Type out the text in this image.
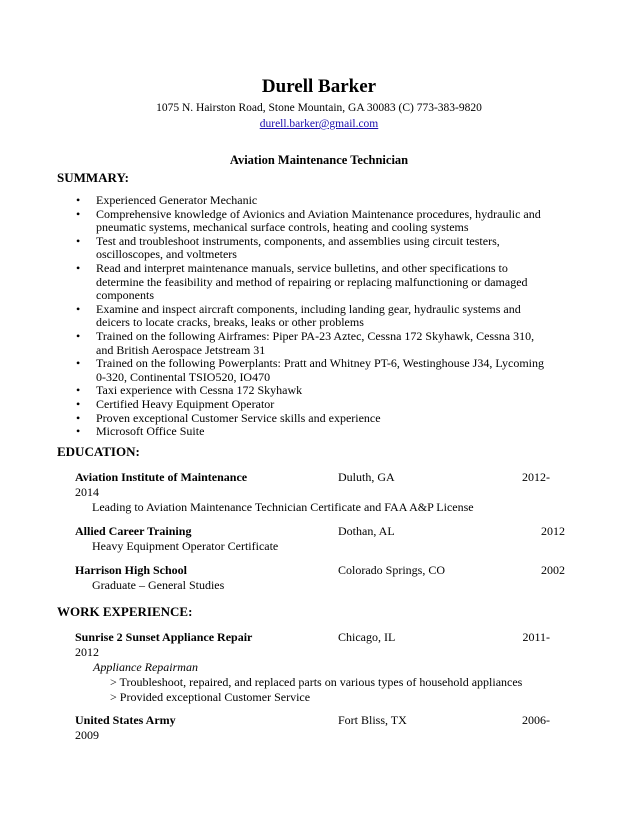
Durell Barker
1075 N. Hairston Road, Stone Mountain, GA 30083 (C) 773-383-9820
durell.barker@gmail.com
Aviation Maintenance Technician
SUMMARY:
• Experienced Generator Mechanic
• Comprehensive knowledge of Avionics and Aviation Maintenance procedures, hydraulic and pneumatic systems, mechanical surface controls, heating and cooling systems
• Test and troubleshoot instruments, components, and assemblies using circuit testers, oscilloscopes, and voltmeters
• Read and interpret maintenance manuals, service bulletins, and other specifications to determine the feasibility and method of repairing or replacing malfunctioning or damaged components
• Examine and inspect aircraft components, including landing gear, hydraulic systems and deicers to locate cracks, breaks, leaks or other problems
• Trained on the following Airframes: Piper PA-23 Aztec, Cessna 172 Skyhawk, Cessna 310, and British Aerospace Jetstream 31
• Trained on the following Powerplants: Pratt and Whitney PT-6, Westinghouse J34, Lycoming 0-320, Continental TSIO520, IO470
• Taxi experience with Cessna 172 Skyhawk
• Certified Heavy Equipment Operator
• Proven exceptional Customer Service skills and experience
• Microsoft Office Suite
EDUCATION:
Aviation Institute of Maintenance	Duluth, GA	2012-
2014
Leading to Aviation Maintenance Technician Certificate and FAA A&P License
Allied Career Training	Dothan, AL	2012
Heavy Equipment Operator Certificate
Harrison High School	Colorado Springs, CO	2002
Graduate – General Studies
WORK EXPERIENCE:
Sunrise 2 Sunset Appliance Repair	Chicago, IL	2011-
2012
Appliance Repairman
> Troubleshoot, repaired, and replaced parts on various types of household appliances
> Provided exceptional Customer Service
United States Army	Fort Bliss, TX	2006-
2009
